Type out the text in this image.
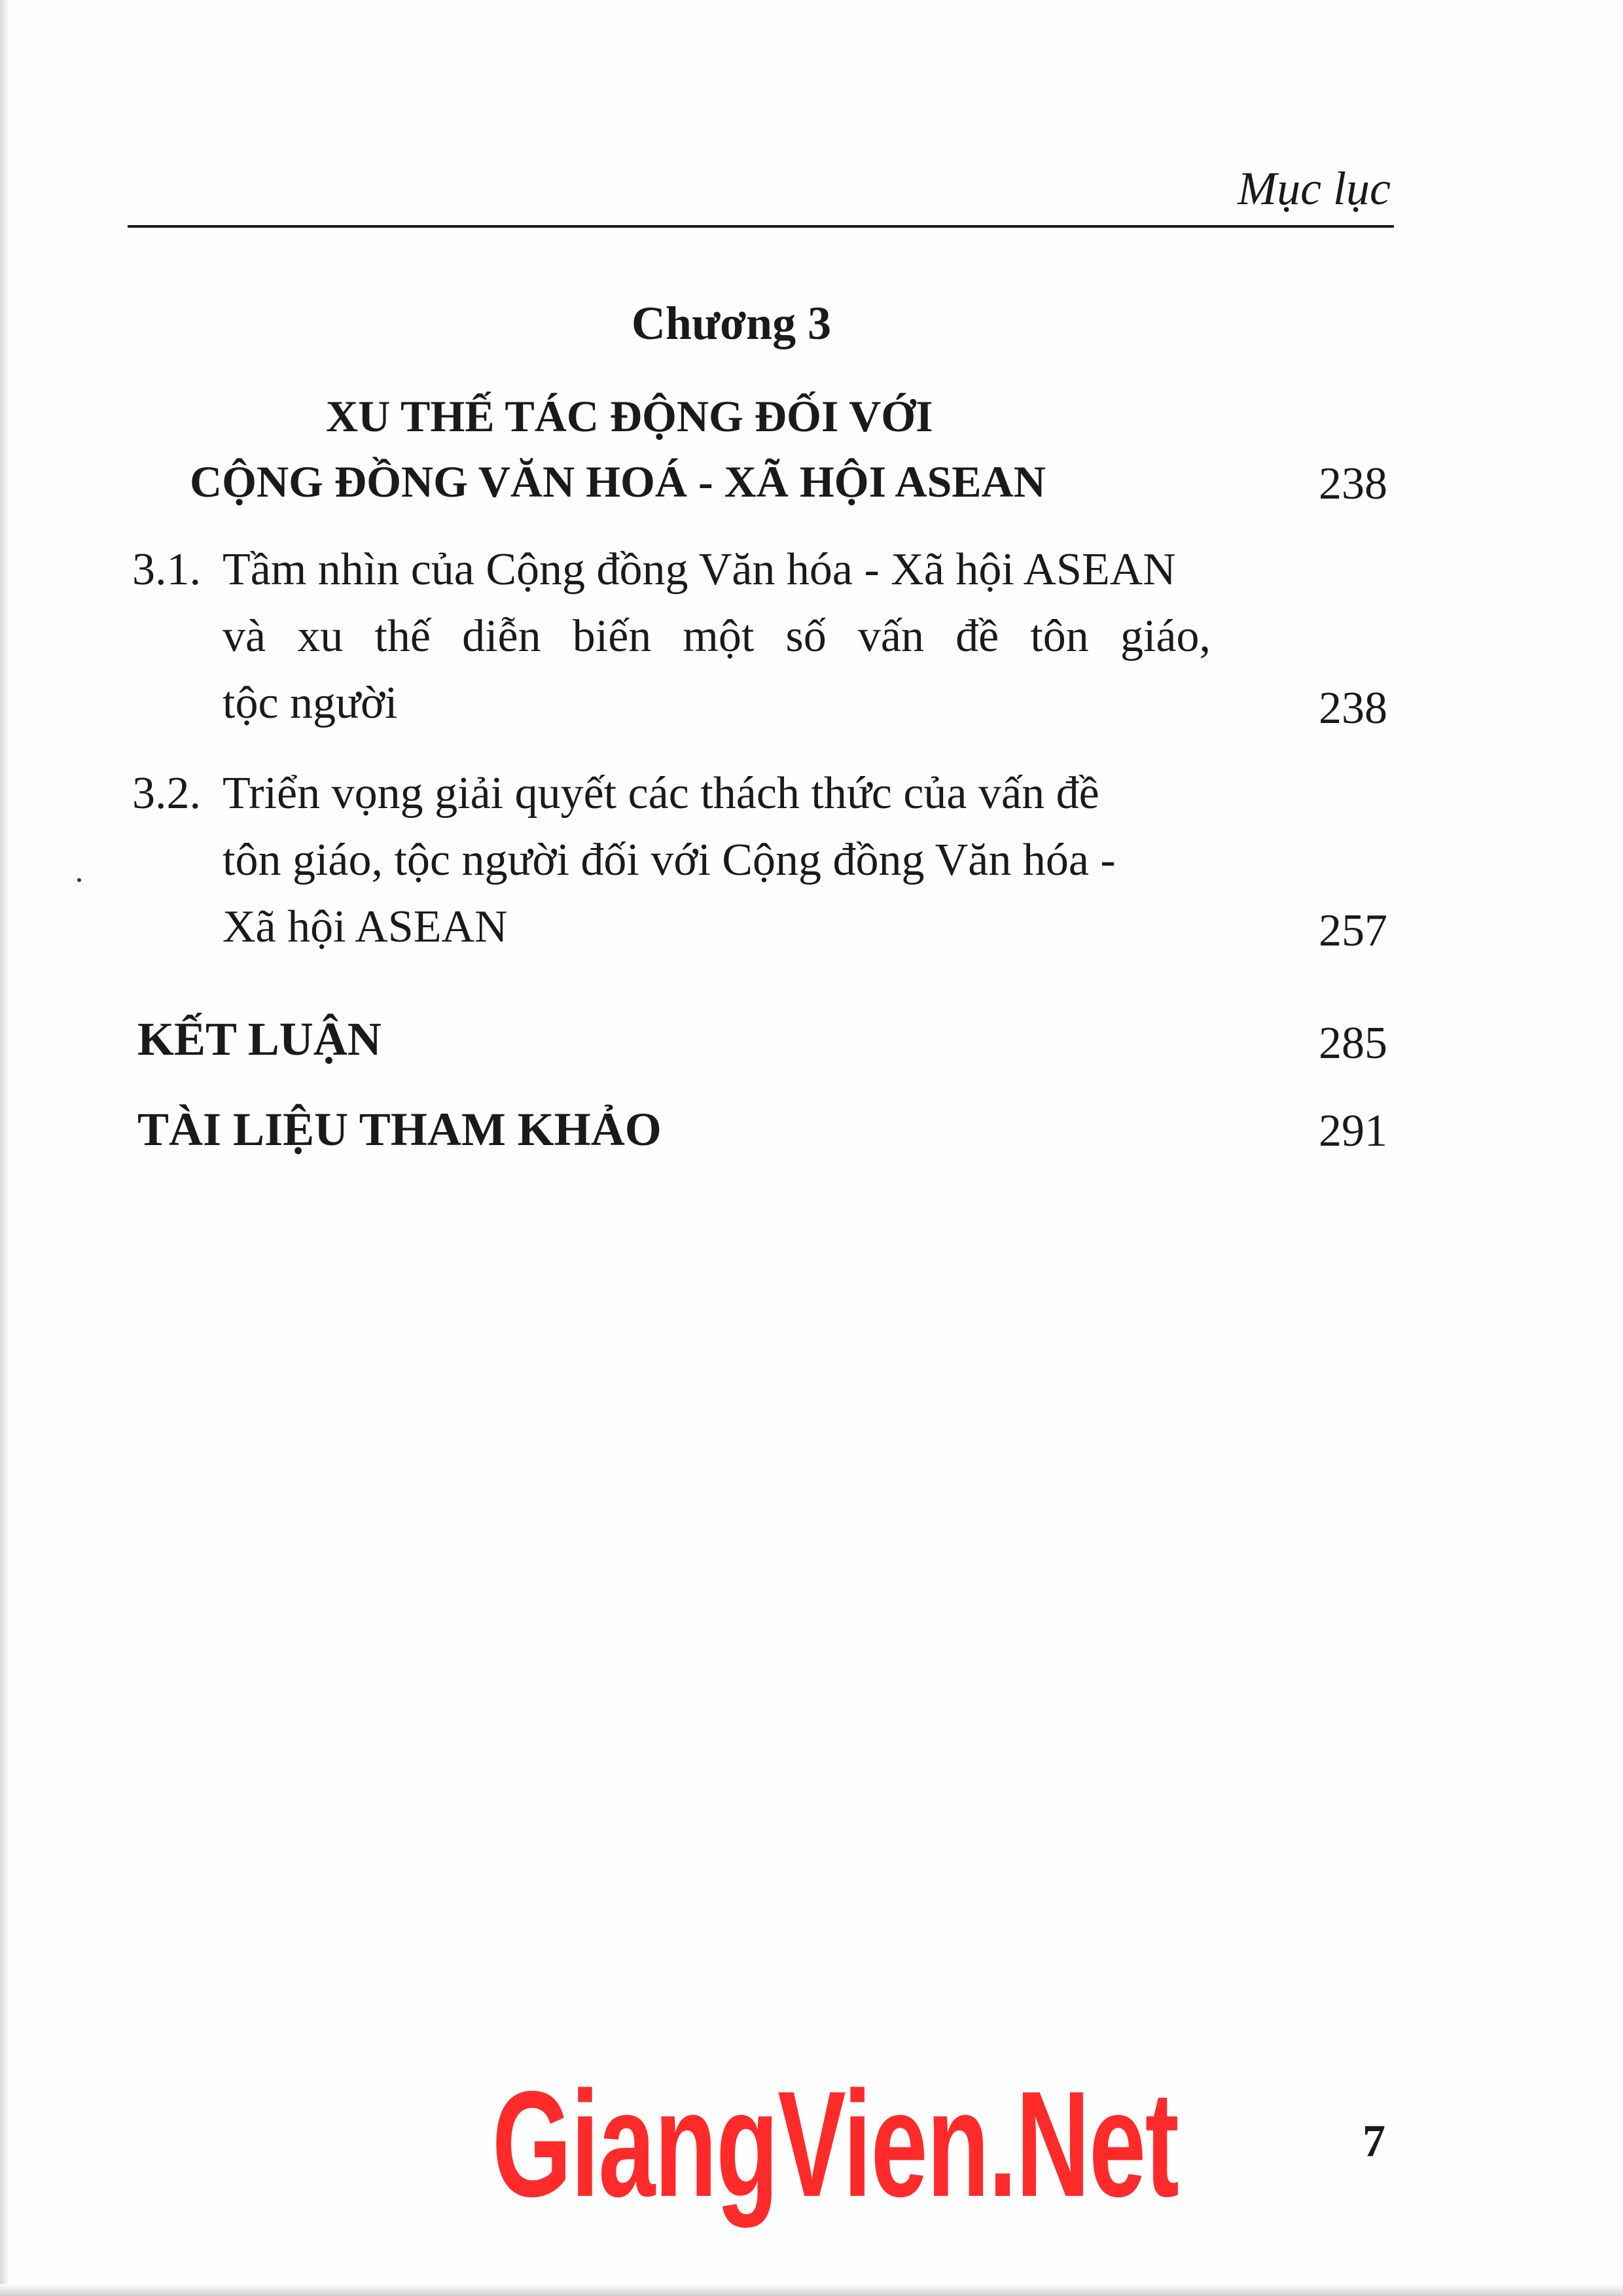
Mục lục
Chương 3
XU THẾ TÁC ĐỘNG ĐỐI VỚI
CỘNG ĐỒNG VĂN HOÁ - XÃ HỘI ASEAN	238
3.1. Tầm nhìn của Cộng đồng Văn hóa - Xã hội ASEAN
và xu thế diễn biến một số vấn đề tôn giáo,
tộc người	238
3.2. Triển vọng giải quyết các thách thức của vấn đề
tôn giáo, tộc người đối với Cộng đồng Văn hóa -
Xã hội ASEAN	257
KẾT LUẬN	285
TÀI LIỆU THAM KHẢO	291
GiangVien.Net	7
